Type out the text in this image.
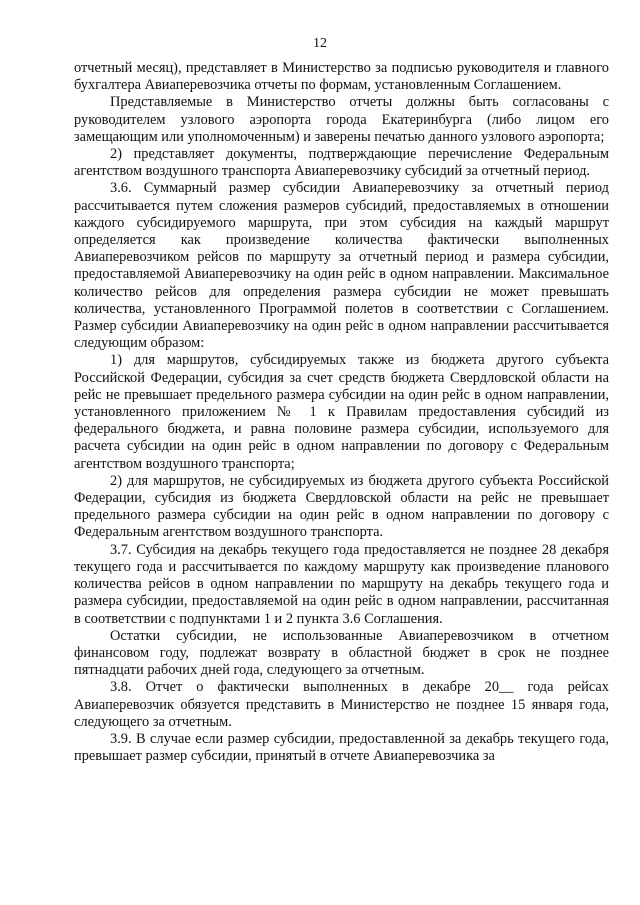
12

отчетный месяц), представляет в Министерство за подписью руководителя и главного бухгалтера Авиаперевозчика отчеты по формам, установленным Соглашением.

Представляемые в Министерство отчеты должны быть согласованы с руководителем узлового аэропорта города Екатеринбурга (либо лицом его замещающим или уполномоченным) и заверены печатью данного узлового аэропорта;

2) представляет документы, подтверждающие перечисление Федеральным агентством воздушного транспорта Авиаперевозчику субсидий за отчетный период.

3.6. Суммарный размер субсидии Авиаперевозчику за отчетный период рассчитывается путем сложения размеров субсидий, предоставляемых в отношении каждого субсидируемого маршрута, при этом субсидия на каждый маршрут определяется как произведение количества фактически выполненных Авиаперевозчиком рейсов по маршруту за отчетный период и размера субсидии, предоставляемой Авиаперевозчику на один рейс в одном направлении. Максимальное количество рейсов для определения размера субсидии не может превышать количества, установленного Программой полетов в соответствии с Соглашением. Размер субсидии Авиаперевозчику на один рейс в одном направлении рассчитывается следующим образом:

1) для маршрутов, субсидируемых также из бюджета другого субъекта Российской Федерации, субсидия за счет средств бюджета Свердловской области на рейс не превышает предельного размера субсидии на один рейс в одном направлении, установленного приложением № 1 к Правилам предоставления субсидий из федерального бюджета, и равна половине размера субсидии, используемого для расчета субсидии на один рейс в одном направлении по договору с Федеральным агентством воздушного транспорта;

2) для маршрутов, не субсидируемых из бюджета другого субъекта Российской Федерации, субсидия из бюджета Свердловской области на рейс не превышает предельного размера субсидии на один рейс в одном направлении по договору с Федеральным агентством воздушного транспорта.

3.7. Субсидия на декабрь текущего года предоставляется не позднее 28 декабря текущего года и рассчитывается по каждому маршруту как произведение планового количества рейсов в одном направлении по маршруту на декабрь текущего года и размера субсидии, предоставляемой на один рейс в одном направлении, рассчитанная в соответствии с подпунктами 1 и 2 пункта 3.6 Соглашения.

Остатки субсидии, не использованные Авиаперевозчиком в отчетном финансовом году, подлежат возврату в областной бюджет в срок не позднее пятнадцати рабочих дней года, следующего за отчетным.

3.8. Отчет о фактически выполненных в декабре 20__ года рейсах Авиаперевозчик обязуется представить в Министерство не позднее 15 января года, следующего за отчетным.

3.9. В случае если размер субсидии, предоставленной за декабрь текущего года, превышает размер субсидии, принятый в отчете Авиаперевозчика за
